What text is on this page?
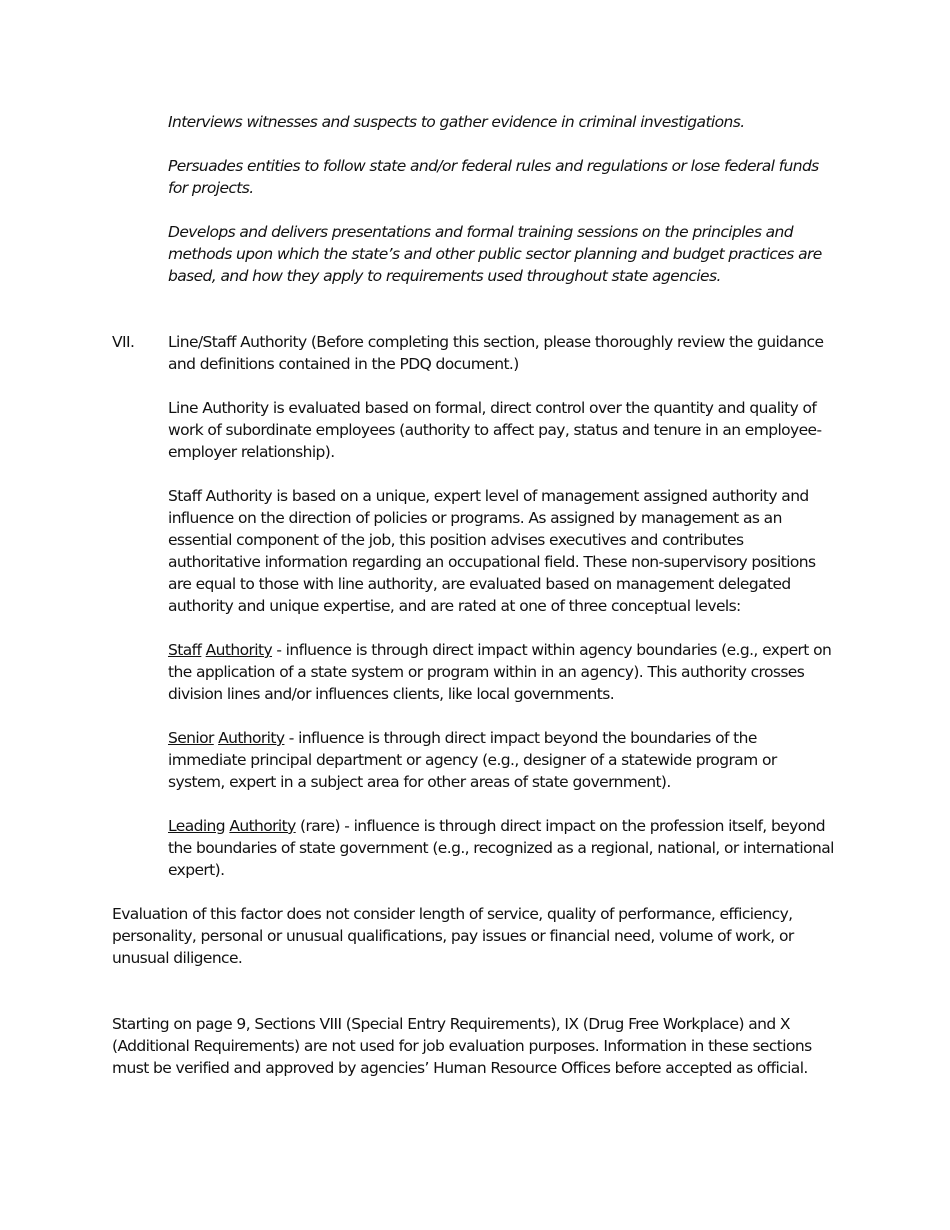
Interviews witnesses and suspects to gather evidence in criminal investigations.

Persuades entities to follow state and/or federal rules and regulations or lose federal funds for projects.

Develops and delivers presentations and formal training sessions on the principles and methods upon which the state’s and other public sector planning and budget practices are based, and how they apply to requirements used throughout state agencies.

VII.	Line/Staff Authority (Before completing this section, please thoroughly review the guidance and definitions contained in the PDQ document.)

Line Authority is evaluated based on formal, direct control over the quantity and quality of work of subordinate employees (authority to affect pay, status and tenure in an employee-employer relationship).

Staff Authority is based on a unique, expert level of management assigned authority and influence on the direction of policies or programs. As assigned by management as an essential component of the job, this position advises executives and contributes authoritative information regarding an occupational field. These non-supervisory positions are equal to those with line authority, are evaluated based on management delegated authority and unique expertise, and are rated at one of three conceptual levels:

Staff Authority - influence is through direct impact within agency boundaries (e.g., expert on the application of a state system or program within in an agency). This authority crosses division lines and/or influences clients, like local governments.

Senior Authority - influence is through direct impact beyond the boundaries of the immediate principal department or agency (e.g., designer of a statewide program or system, expert in a subject area for other areas of state government).

Leading Authority (rare) - influence is through direct impact on the profession itself, beyond the boundaries of state government (e.g., recognized as a regional, national, or international expert).

Evaluation of this factor does not consider length of service, quality of performance, efficiency, personality, personal or unusual qualifications, pay issues or financial need, volume of work, or unusual diligence.

Starting on page 9, Sections VIII (Special Entry Requirements), IX (Drug Free Workplace) and X (Additional Requirements) are not used for job evaluation purposes. Information in these sections must be verified and approved by agencies’ Human Resource Offices before accepted as official.
